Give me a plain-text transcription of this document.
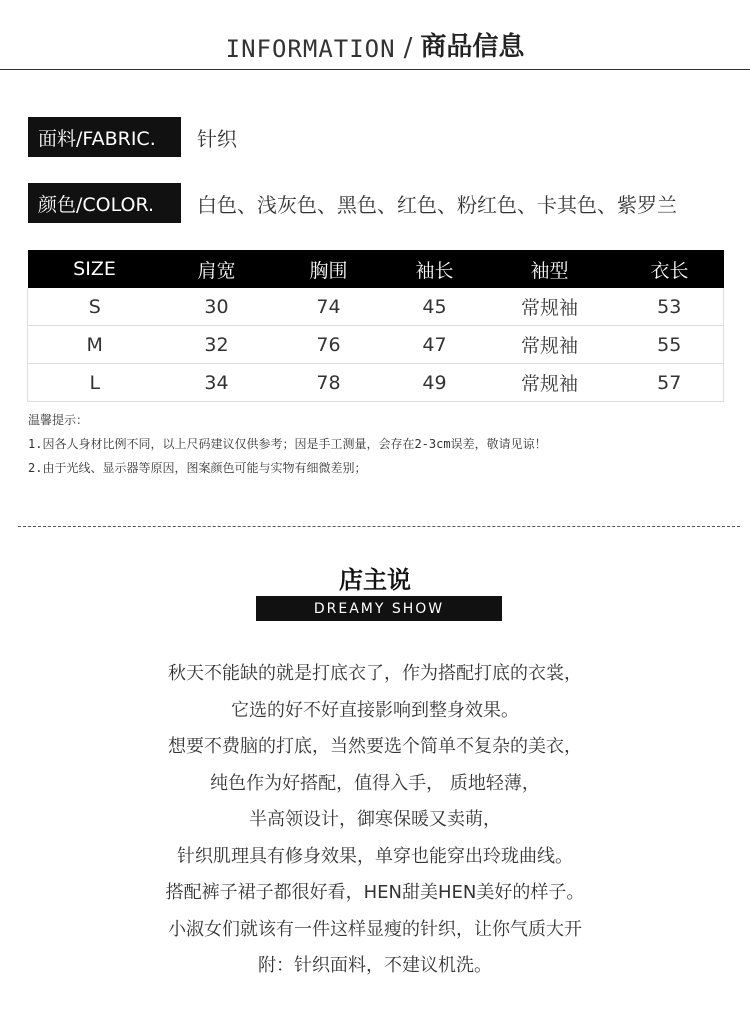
INFORMATION / 商品信息
面料/FABRIC.	针织
颜色/COLOR.	白色、浅灰色、黑色、红色、粉红色、卡其色、紫罗兰
SIZE	肩宽	胸围	袖长	袖型	衣长
S	30	74	45	常规袖	53
M	32	76	47	常规袖	55
L	34	78	49	常规袖	57
温馨提示：
1.因各人身材比例不同，以上尺码建议仅供参考；因是手工测量，会存在2-3cm误差，敬请见谅！
2.由于光线、显示器等原因，图案颜色可能与实物有细微差别；
店主说
DREAMY SHOW
秋天不能缺的就是打底衣了，作为搭配打底的衣裳，
它选的好不好直接影响到整身效果。
想要不费脑的打底，当然要选个简单不复杂的美衣，
纯色作为好搭配，值得入手， 质地轻薄，
半高领设计，御寒保暖又卖萌，
针织肌理具有修身效果，单穿也能穿出玲珑曲线。
搭配裤子裙子都很好看，HEN甜美HEN美好的样子。
小淑女们就该有一件这样显瘦的针织，让你气质大开
附：针织面料，不建议机洗。
